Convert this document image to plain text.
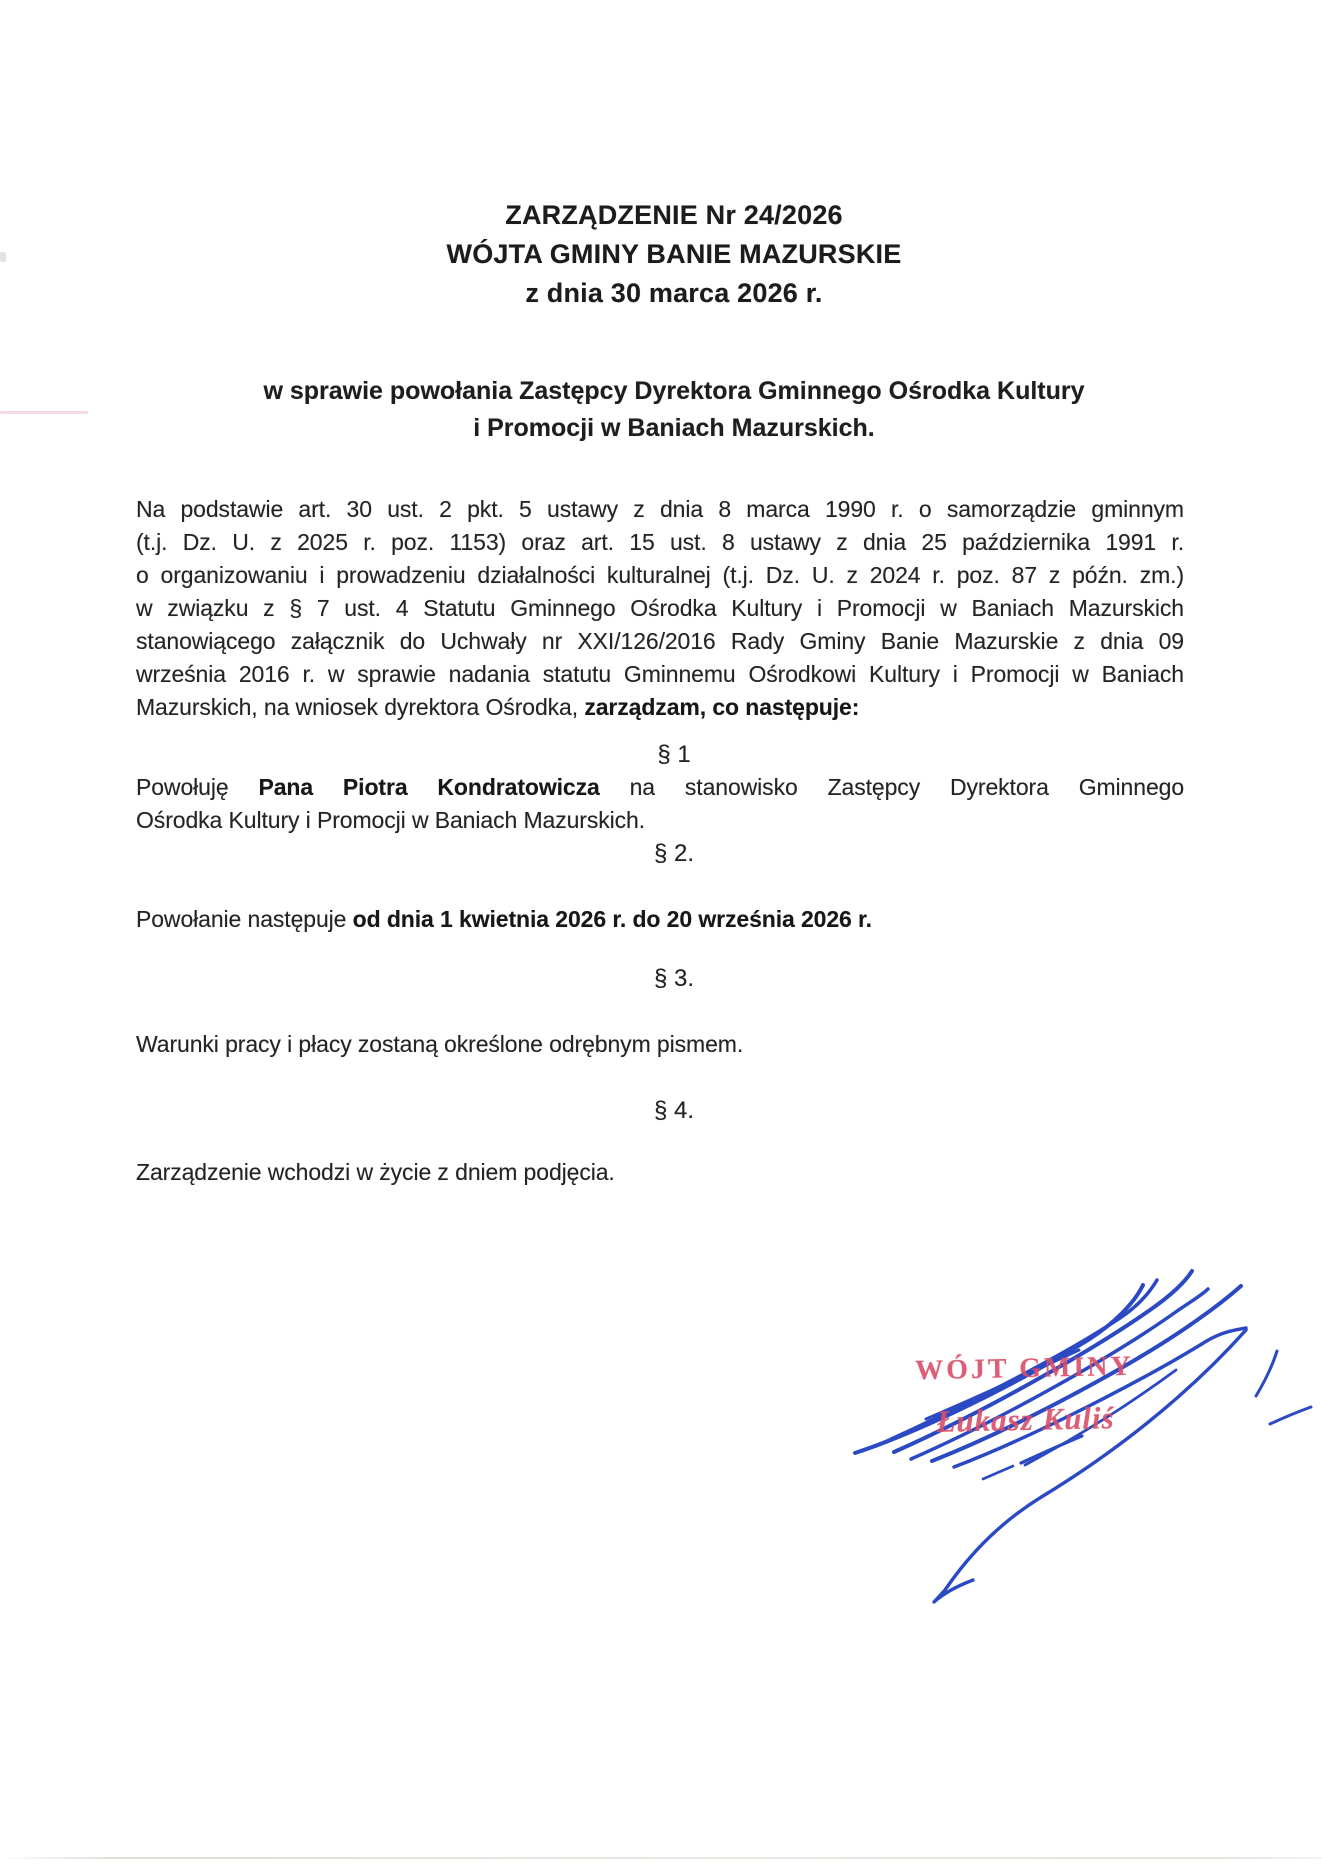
ZARZĄDZENIE Nr 24/2026
WÓJTA GMINY BANIE MAZURSKIE
z dnia 30 marca 2026 r.
w sprawie powołania Zastępcy Dyrektora Gminnego Ośrodka Kultury
i Promocji w Baniach Mazurskich.
Na podstawie art. 30 ust. 2 pkt. 5 ustawy z dnia 8 marca 1990 r. o samorządzie gminnym
(t.j. Dz. U. z 2025 r. poz. 1153) oraz art. 15 ust. 8 ustawy z dnia 25 października 1991 r.
o organizowaniu i prowadzeniu działalności kulturalnej (t.j. Dz. U. z 2024 r. poz. 87 z późn. zm.)
w związku z § 7 ust. 4 Statutu Gminnego Ośrodka Kultury i Promocji w Baniach Mazurskich
stanowiącego załącznik do Uchwały nr XXI/126/2016 Rady Gminy Banie Mazurskie z dnia 09
września 2016 r. w sprawie nadania statutu Gminnemu Ośrodkowi Kultury i Promocji w Baniach
Mazurskich, na wniosek dyrektora Ośrodka, zarządzam, co następuje:
§ 1
Powołuję Pana Piotra Kondratowicza na stanowisko Zastępcy Dyrektora Gminnego
Ośrodka Kultury i Promocji w Baniach Mazurskich.
§ 2.
Powołanie następuje od dnia 1 kwietnia 2026 r. do 20 września 2026 r.
§ 3.
Warunki pracy i płacy zostaną określone odrębnym pismem.
§ 4.
Zarządzenie wchodzi w życie z dniem podjęcia.
WÓJT GMINY
Łukasz Kuliś
